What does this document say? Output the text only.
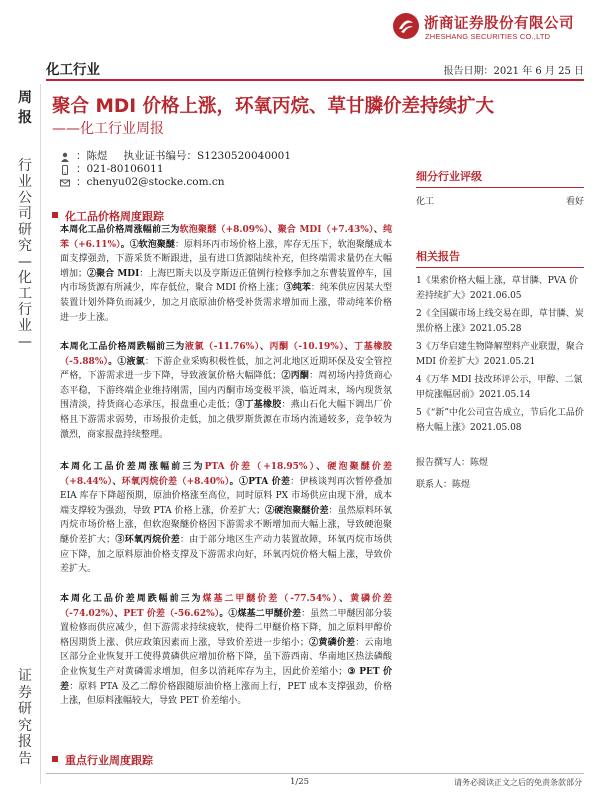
浙商证券股份有限公司
ZHESHANG SECURITIES CO.,LTD
化工行业	报告日期：2021 年 6 月 25 日
周报
行业公司研究—化工行业—
证券研究报告
聚合 MDI 价格上涨，环氧丙烷、草甘膦价差持续扩大
——化工行业周报
：陈煜 执业证书编号：S1230520040001
：021-80106011
：chenyu02@stocke.com.cn
化工品价格周度跟踪
本周化工品价格周涨幅前三为软泡聚醚（+8.09%）、聚合 MDI（+7.43%）、纯苯（+6.11%）。①软泡聚醚：原料环丙市场价格上涨，库存无压下，软泡聚醚成本面支撑强劲，下游采货不断跟进，虽有进口货源陆续补充，但终端需求量仍在大幅增加；②聚合 MDI：上海巴斯夫以及亨斯迈正值例行检修季加之东曹装置停车，国内市场货源有所减少，库存低位，聚合 MDI 价格上涨；③纯苯：纯苯供应因某大型装置计划外降负而减少，加之月底原油价格受补货需求增加而上涨，带动纯苯价格进一步上涨。
本周化工品价格周跌幅前三为液氯（-11.76%）、丙酮（-10.19%）、丁基橡胶（-5.88%）。①液氯：下游企业采购积极性低，加之河北地区近期环保及安全管控严格，下游需求进一步下降，导致液氯价格大幅降低；②丙酮：周初场内持货商心态平稳，下游终端企业维持刚需，国内丙酮市场变极平淡，临近周末，场内现货氛围清淡，持货商心态承压，报盘重心走低；③丁基橡胶：燕山石化大幅下调出厂价格且下游需求弱势，市场报价走低，加之俄罗斯货源在市场内流通较多，竞争较为激烈，商家报盘持续整理。
本周化工品价差周涨幅前三为PTA 价差（+18.95%）、硬泡聚醚价差（+8.44%）、环氧丙烷价差（+8.40%）。①PTA 价差：伊核谈判再次暂停叠加 EIA 库存下降超预期，原油价格涨至高位，同时原料 PX 市场供应由现下滑，成本端支撑较为强劲，导致 PTA 价格上涨，价差扩大；②硬泡聚醚价差：虽然原料环氧丙烷市场价格上涨，但软泡聚醚价格因下游需求不断增加而大幅上涨，导致硬泡聚醚价差扩大；③环氧丙烷价差：由于部分地区生产动力装置故障，环氧丙烷市场供应下降，加之原料原油价格支撑及下游需求向好，环氧丙烷价格大幅上涨，导致价差扩大。
本周化工品价差周跌幅前三为煤基二甲醚价差（-77.54%）、黄磷价差（-74.02%）、PET 价差（-56.62%）。①煤基二甲醚价差：虽然二甲醚因部分装置检修而供应减少，但下游需求持续疲软，使得二甲醚价格下降，加之原料甲醇价格因期货上涨、供应政策因素而上涨，导致价差进一步缩小；②黄磷价差：云南地区部分企业恢复开工使得黄磷供应增加价格下降，虽下游西南、华南地区热法磷酸企业恢复生产对黄磷需求增加，但多以消耗库存为主，因此价差缩小；③ PET 价差：原料 PTA 及乙二醇价格跟随原油价格上涨而上行，PET 成本支撑强劲，价格上涨，但原料涨幅较大，导致 PET 价差缩小。
重点行业周度跟踪
细分行业评级
化工	看好
相关报告
1《果索价格大幅上涨，草甘膦、PVA 价差持续扩大》2021.06.05
2《全国碳市场上线交易在即，草甘膦、炭黑价格上涨》2021.05.28
3《万华启建生物降解塑料产业联盟，聚合 MDI 价差扩大》2021.05.21
4《万华 MDI 技改环评公示，甲醇、二氯甲烷涨幅居前》2021.05.14
5《“新”中化公司宣告成立，节后化工品价格大幅上涨》2021.05.08
报告撰写人：陈煜
联系人：陈煜
1/25	请务必阅读正文之后的免责条款部分
